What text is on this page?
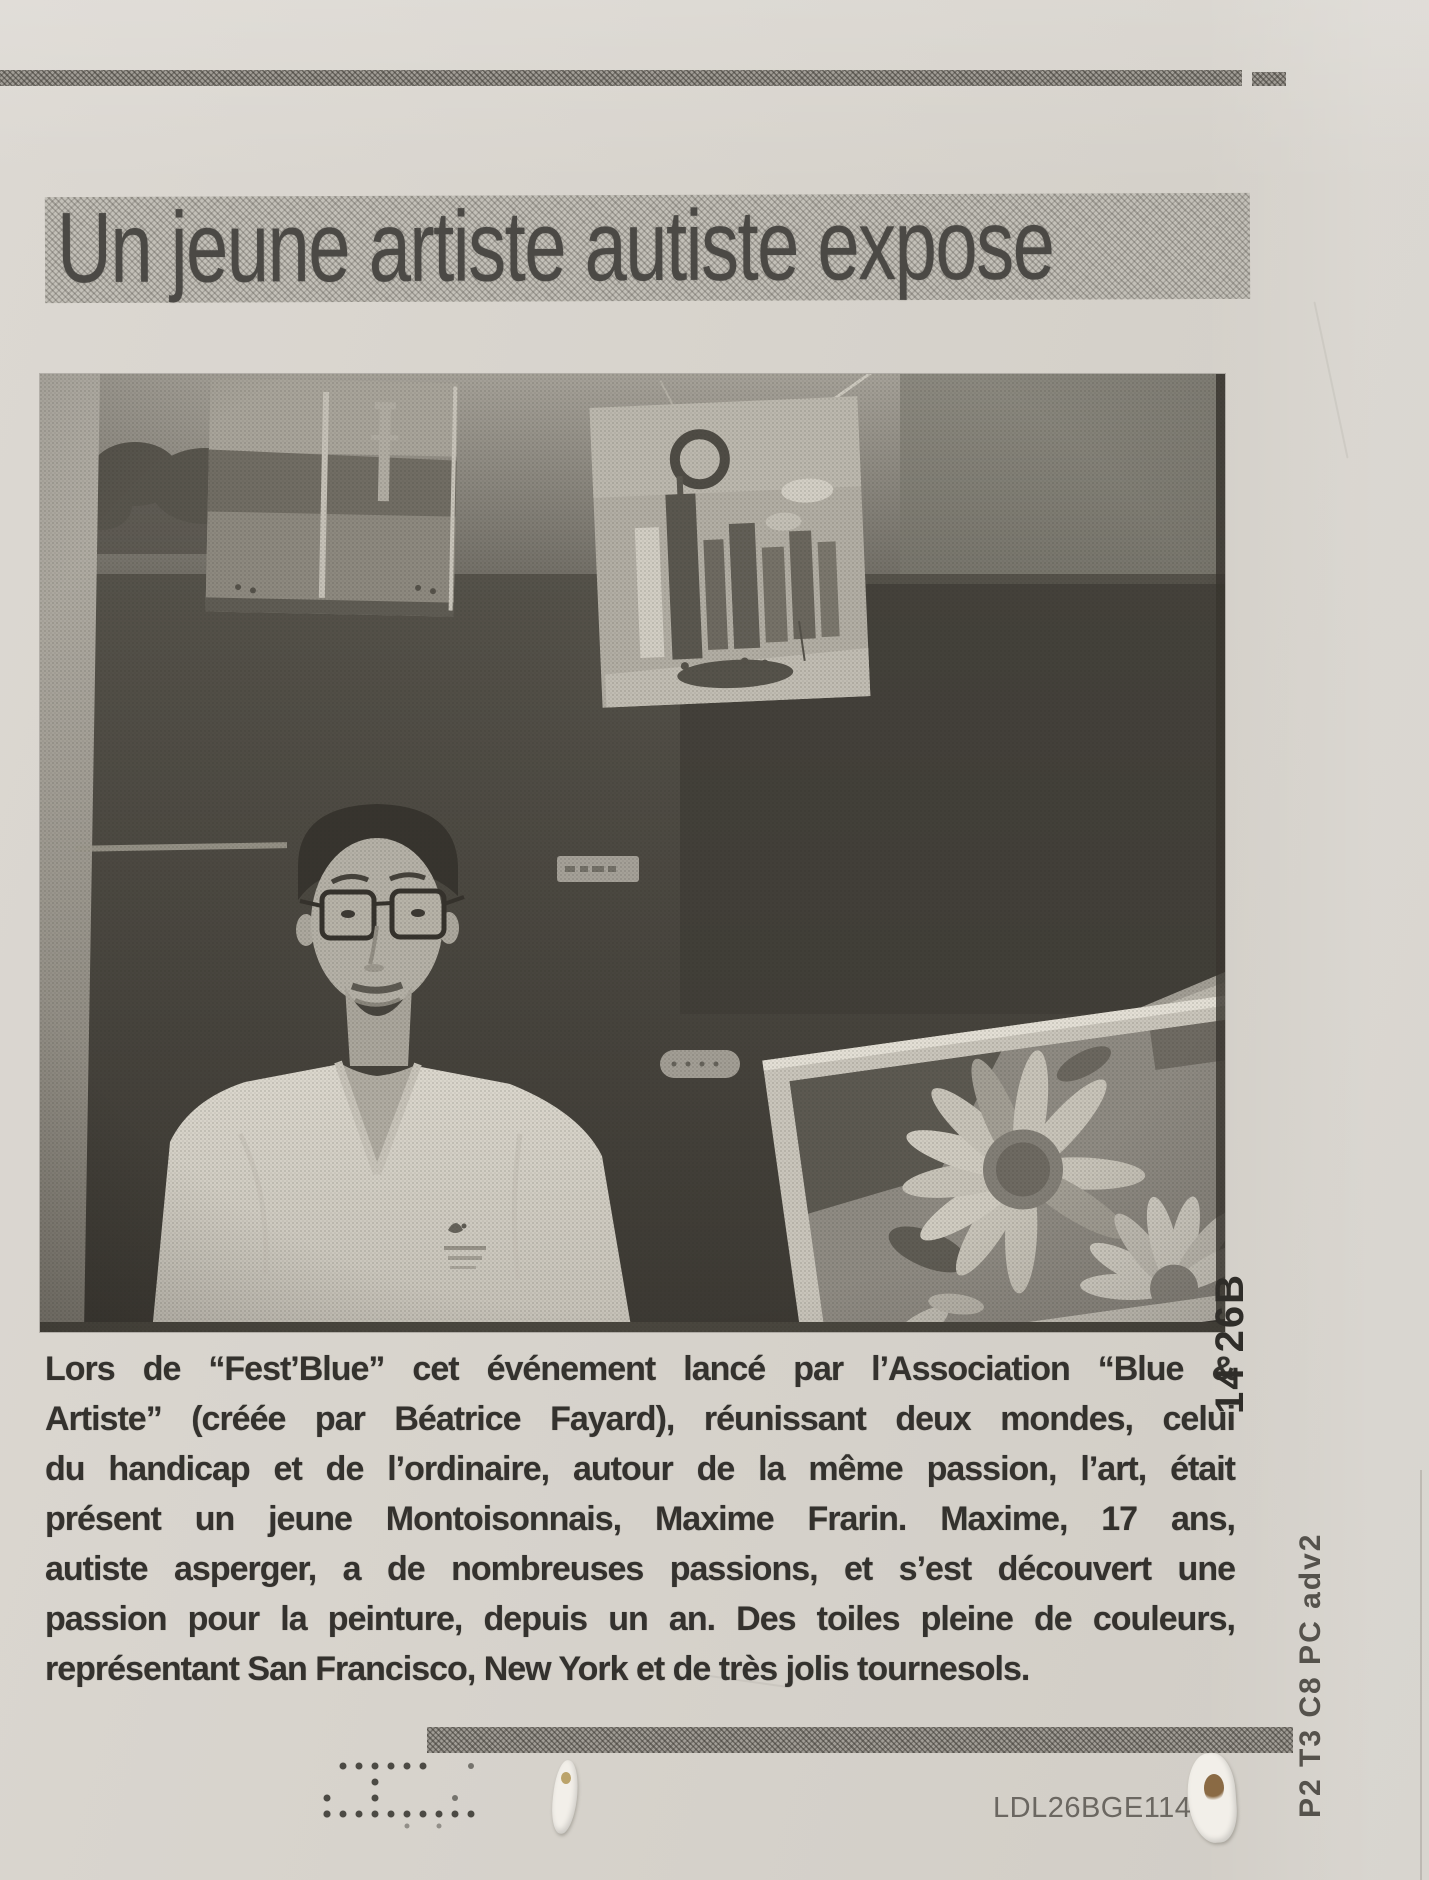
Un jeune artiste autiste expose
Lors de “Fest’Blue” cet événement lancé par l’Association “Blue &
Artiste” (créée par Béatrice Fayard), réunissant deux mondes, celui
du handicap et de l’ordinaire, autour de la même passion, l’art, était
présent un jeune Montoisonnais, Maxime Frarin. Maxime, 17 ans,
autiste asperger, a de nombreuses passions, et s’est découvert une
passion pour la peinture, depuis un an. Des toiles pleine de couleurs,
représentant San Francisco, New York et de très jolis tournesols.
14 26B
P2 T3 C8 PC adv2
LDL26BGE114
